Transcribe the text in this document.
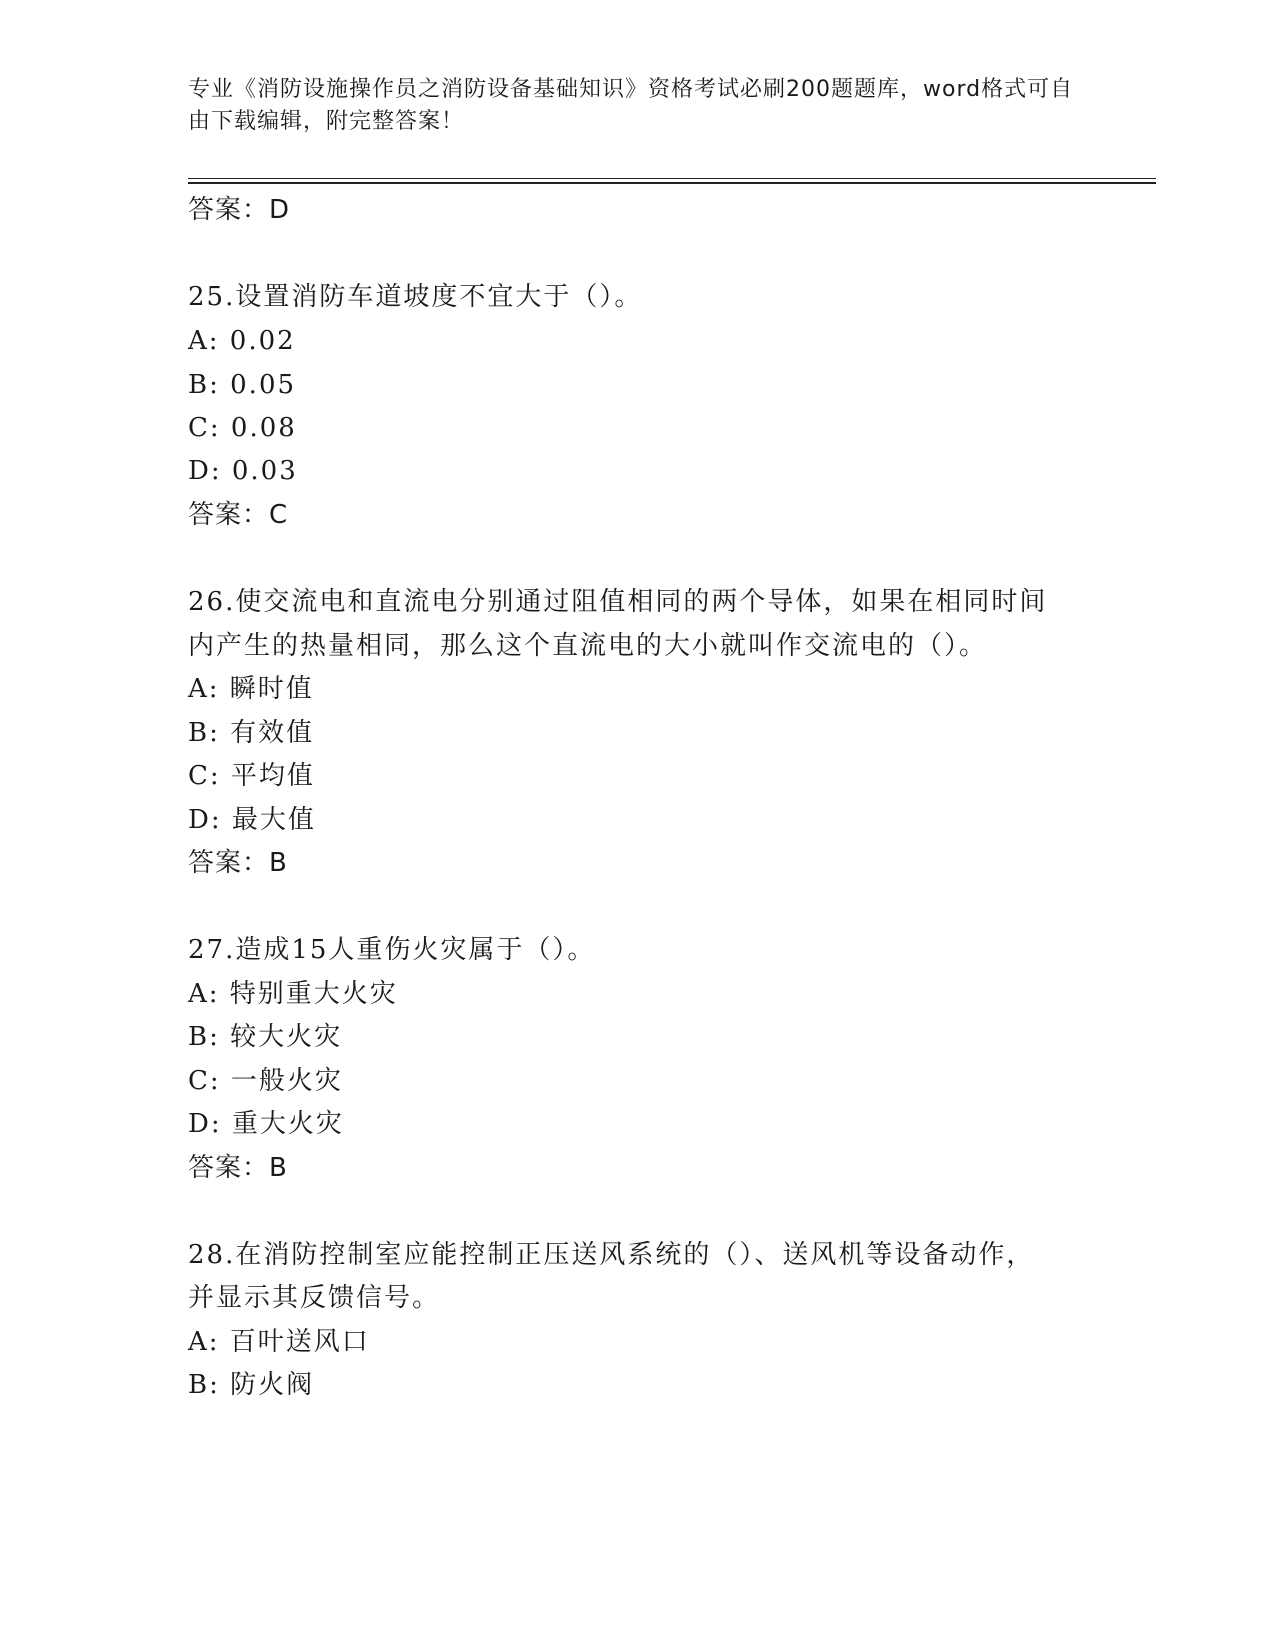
专业《消防设施操作员之消防设备基础知识》资格考试必刷200题题库，word格式可自由下载编辑，附完整答案！
答案：D
25.设置消防车道坡度不宜大于（）。
A: 0.02
B: 0.05
C: 0.08
D: 0.03
答案：C
26.使交流电和直流电分别通过阻值相同的两个导体，如果在相同时间
内产生的热量相同，那么这个直流电的大小就叫作交流电的（）。
A: 瞬时值
B: 有效值
C: 平均值
D: 最大值
答案：B
27.造成15人重伤火灾属于（）。
A: 特别重大火灾
B: 较大火灾
C: 一般火灾
D: 重大火灾
答案：B
28.在消防控制室应能控制正压送风系统的（）、送风机等设备动作，
并显示其反馈信号。
A: 百叶送风口
B: 防火阀
